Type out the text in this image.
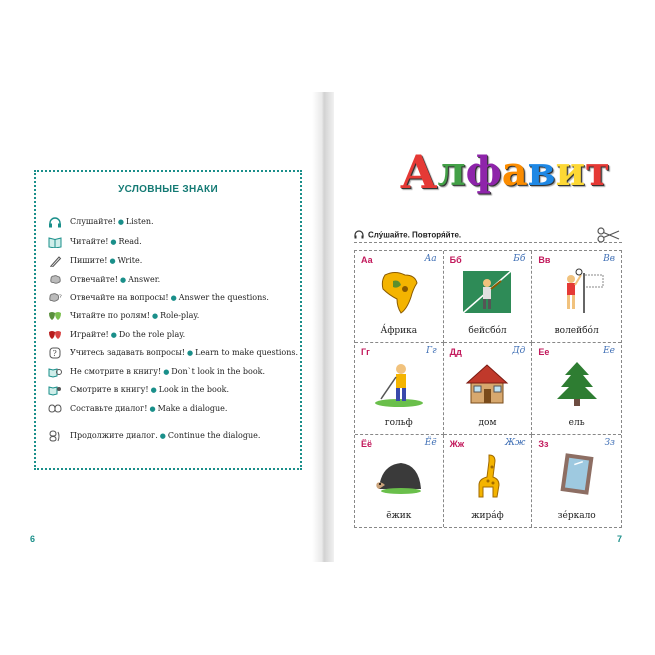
УСЛОВНЫЕ ЗНАКИ
Слушайте! ● Listen.
Читайте! ● Read.
Пишите! ● Write.
Отвечайте! ● Answer.
? Отвечайте на вопросы! ● Answer the questions.
Читайте по ролям! ● Role-play.
Играйте! ● Do the role play.
? Учитесь задавать вопросы! ● Learn to make questions.
Не смотрите в книгу! ● Don`t look in the book.
Смотрите в книгу! ● Look in the book.
Составьте диалог! ● Make a dialogue.
Продолжите диалог. ● Continue the dialogue.
6
А л ф а в и т
Слу́шайте. Повторя́йте.
Аа	Аа
А́фрика
Бб	Бб
бейсбо́л
Вв	Вв
волейбо́л
Гг	Гг
гольф
Дд	Дд
дом
Ее	Ее
ель
Ёё	Ёё
ёжик
Жж	Жж
жира́ф
Зз	Зз
зе́ркало
7
